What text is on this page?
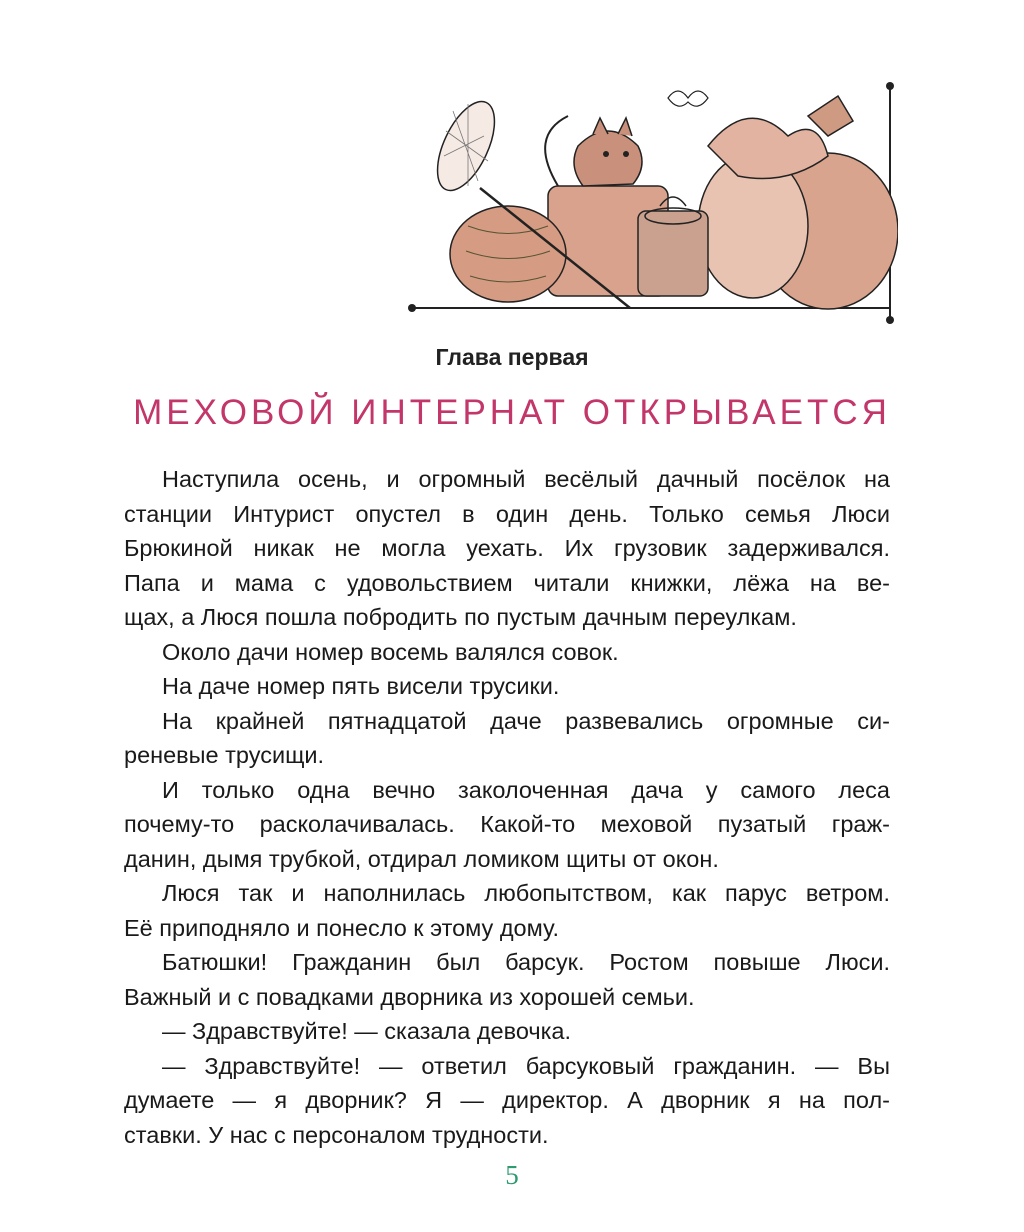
Глава первая
МЕХОВОЙ ИНТЕРНАТ ОТКРЫВАЕТСЯ
Наступила осень, и огромный весёлый дачный посёлок на
станции Интурист опустел в один день. Только семья Люси
Брюкиной никак не могла уехать. Их грузовик задерживался.
Папа и мама с удовольствием читали книжки, лёжа на ве-
щах, а Люся пошла побродить по пустым дачным переулкам.
Около дачи номер восемь валялся совок.
На даче номер пять висели трусики.
На крайней пятнадцатой даче развевались огромные си-
реневые трусищи.
И только одна вечно заколоченная дача у самого леса
почему-то расколачивалась. Какой-то меховой пузатый граж-
данин, дымя трубкой, отдирал ломиком щиты от окон.
Люся так и наполнилась любопытством, как парус ветром.
Её приподняло и понесло к этому дому.
Батюшки! Гражданин был барсук. Ростом повыше Люси.
Важный и с повадками дворника из хорошей семьи.
— Здравствуйте! — сказала девочка.
— Здравствуйте! — ответил барсуковый гражданин. — Вы
думаете — я дворник? Я — директор. А дворник я на пол-
ставки. У нас с персоналом трудности.
5
